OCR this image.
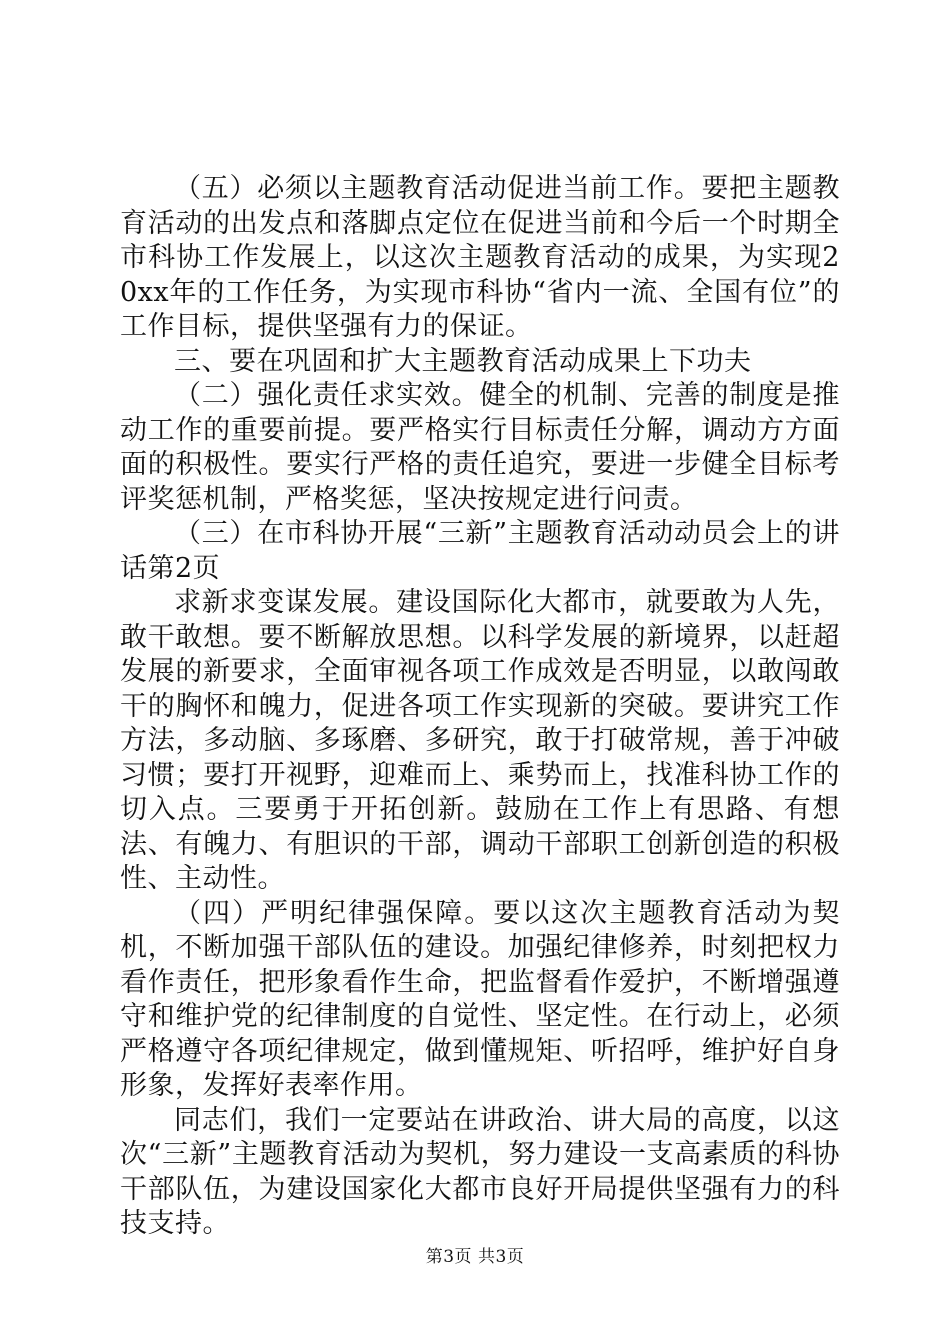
（五）必须以主题教育活动促进当前工作。要把主题教育活动的出发点和落脚点定位在促进当前和今后一个时期全市科协工作发展上，以这次主题教育活动的成果，为实现20xx年的工作任务，为实现市科协“省内一流、全国有位”的工作目标，提供坚强有力的保证。

三、要在巩固和扩大主题教育活动成果上下功夫

（二）强化责任求实效。健全的机制、完善的制度是推动工作的重要前提。要严格实行目标责任分解，调动方方面面的积极性。要实行严格的责任追究，要进一步健全目标考评奖惩机制，严格奖惩，坚决按规定进行问责。

（三）在市科协开展“三新”主题教育活动动员会上的讲话第2页

求新求变谋发展。建设国际化大都市，就要敢为人先，敢干敢想。要不断解放思想。以科学发展的新境界，以赶超发展的新要求，全面审视各项工作成效是否明显，以敢闯敢干的胸怀和魄力，促进各项工作实现新的突破。要讲究工作方法，多动脑、多琢磨、多研究，敢于打破常规，善于冲破习惯；要打开视野，迎难而上、乘势而上，找准科协工作的切入点。三要勇于开拓创新。鼓励在工作上有思路、有想法、有魄力、有胆识的干部，调动干部职工创新创造的积极性、主动性。

（四）严明纪律强保障。要以这次主题教育活动为契机，不断加强干部队伍的建设。加强纪律修养，时刻把权力看作责任，把形象看作生命，把监督看作爱护，不断增强遵守和维护党的纪律制度的自觉性、坚定性。在行动上，必须严格遵守各项纪律规定，做到懂规矩、听招呼，维护好自身形象，发挥好表率作用。

同志们，我们一定要站在讲政治、讲大局的高度，以这次“三新”主题教育活动为契机，努力建设一支高素质的科协干部队伍，为建设国家化大都市良好开局提供坚强有力的科技支持。

第3页 共3页
